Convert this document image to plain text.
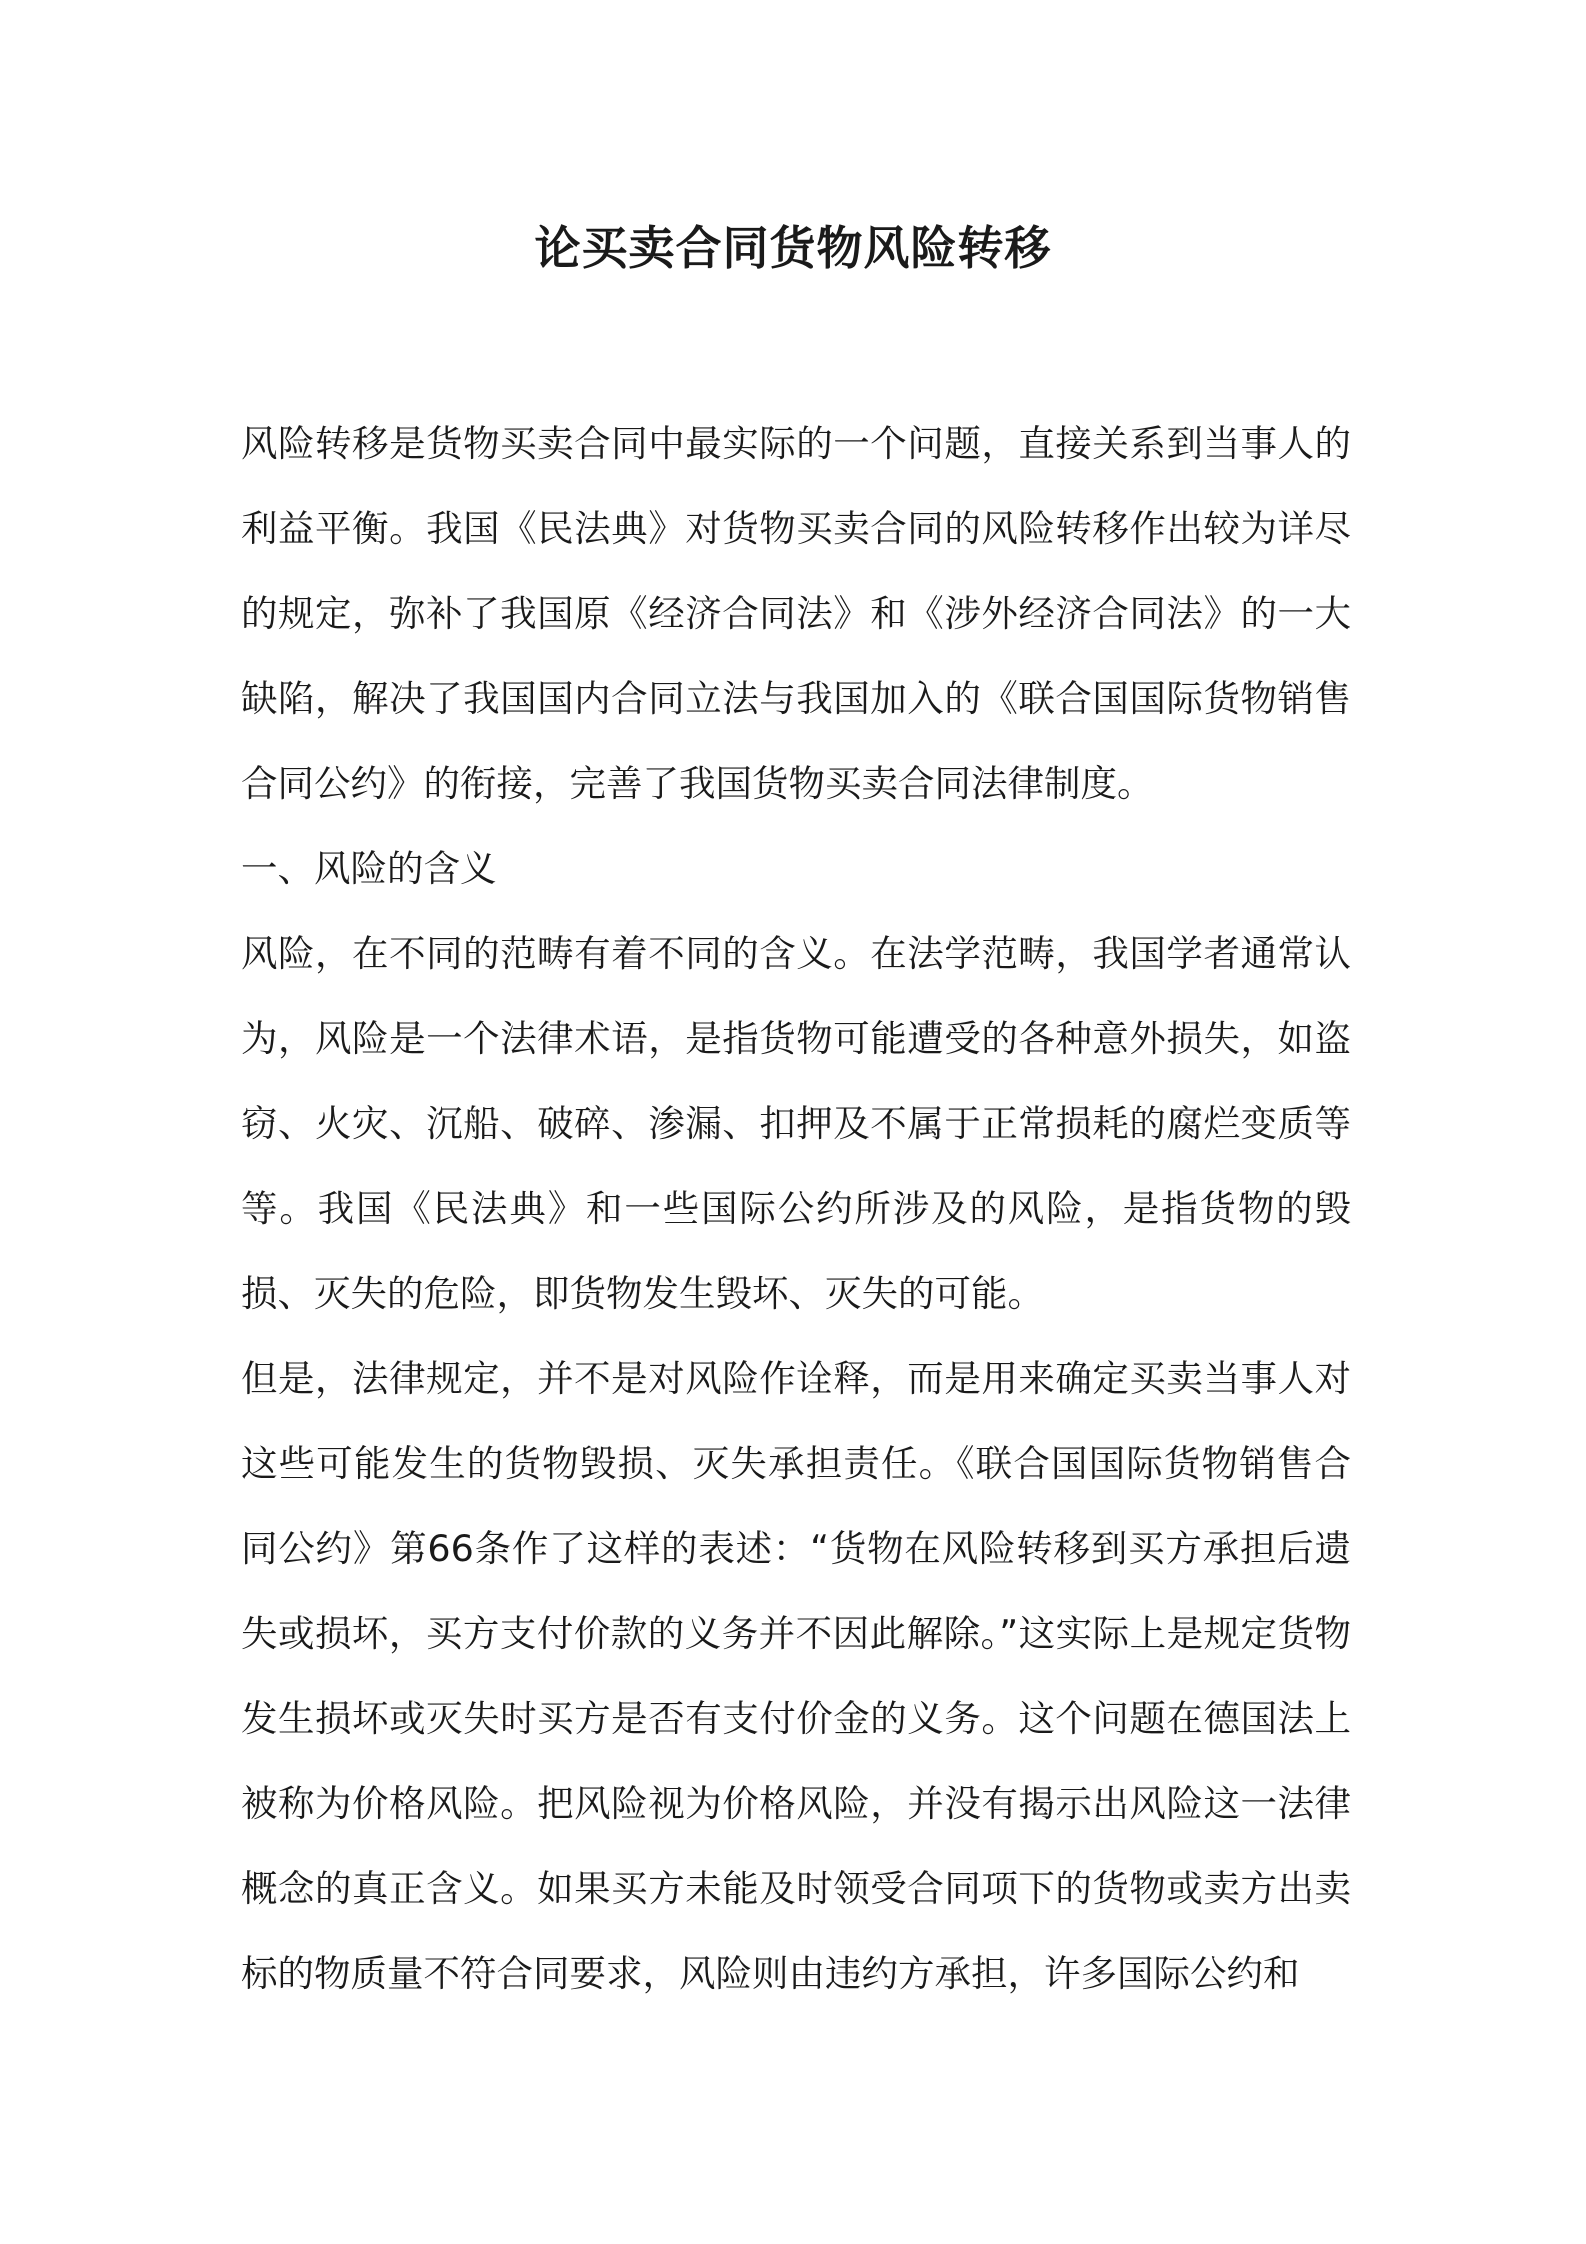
论买卖合同货物风险转移

风险转移是货物买卖合同中最实际的一个问题，直接关系到当事人的利益平衡。我国《民法典》对货物买卖合同的风险转移作出较为详尽的规定，弥补了我国原《经济合同法》和《涉外经济合同法》的一大缺陷，解决了我国国内合同立法与我国加入的《联合国国际货物销售合同公约》的衔接，完善了我国货物买卖合同法律制度。

一、风险的含义

风险，在不同的范畴有着不同的含义。在法学范畴，我国学者通常认为，风险是一个法律术语，是指货物可能遭受的各种意外损失，如盗窃、火灾、沉船、破碎、渗漏、扣押及不属于正常损耗的腐烂变质等等。我国《民法典》和一些国际公约所涉及的风险，是指货物的毁损、灭失的危险，即货物发生毁坏、灭失的可能。

但是，法律规定，并不是对风险作诠释，而是用来确定买卖当事人对这些可能发生的货物毁损、灭失承担责任。《联合国国际货物销售合同公约》第66条作了这样的表述：“货物在风险转移到买方承担后遗失或损坏，买方支付价款的义务并不因此解除。”这实际上是规定货物发生损坏或灭失时买方是否有支付价金的义务。这个问题在德国法上被称为价格风险。把风险视为价格风险，并没有揭示出风险这一法律概念的真正含义。如果买方未能及时领受合同项下的货物或卖方出卖标的物质量不符合同要求，风险则由违约方承担，许多国际公约和
